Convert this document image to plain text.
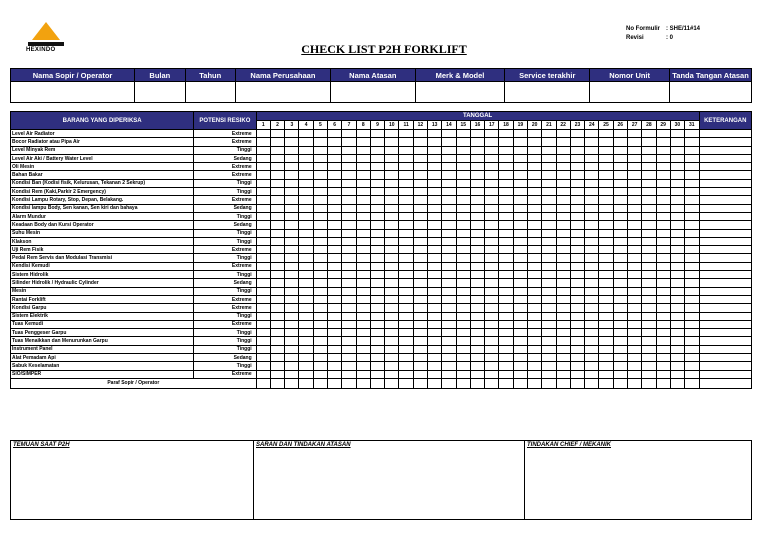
HEXINDO	CHECK LIST P2H FORKLIFT
No Formulir	: SHE/11#14
Revisi	: 0
Nama Sopir / Operator	Bulan	Tahun	Nama Perusahaan	Nama Atasan	Merk & Model	Service terakhir	Nomor Unit	Tanda Tangan Atasan

BARANG YANG DIPERIKSA	POTENSI RESIKO	TANGGAL																															KETERANGAN
		1	2	3	4	5	6	7	8	9	10	11	12	13	14	15	16	17	18	19	20	21	22	23	24	25	26	27	28	29	30	31	
Level Air Radiator	Extreme																																
Bocor Radiator atau Pipa Air	Extreme																																
Level Minyak Rem	Tinggi																																
Level Air Aki / Battery Water Level	Sedang																																
Oli Mesin	Extreme																																
Bahan Bakar	Extreme																																
Kondisi Ban (Kodisi fisik, Kelurusan, Tekanan 2 Sekrup)	Tinggi																																
Kondisi Rem (Kaki,Parkir 2 Emergency)	Tinggi																																
Kondisi Lampu Rotary, Stop, Depan, Belakang.	Extreme																																
Kondisi lampu Body, Sen kanan, Sen kiri dan bahaya	Sedang																																
Alarm Mundur	Tinggi																																
Keadaan Body dan Kursi Operator	Sedang																																
Suhu Mesin	Tinggi																																
Klakson	Tinggi																																
Uji Rem Fisik	Extreme																																
Pedal Rem Servis dan Modulasi Transmisi	Tinggi																																
Kendisi Kemudi	Extreme																																
Sistem Hidrolik	Tinggi																																
Silinder Hidrolik / Hydraulic Cylinder	Sedang																																
Mesin	Tinggi																																
Rantai Forklift	Extreme																																
Kondisi Garpu	Extreme																																
Sistem Elektrik	Tinggi																																
Tuas Kemudi	Extreme																																
Tuas Penggeser Garpu	Tinggi																																
Tuas Menaikkan dan Menurunkan Garpu	Tinggi																																
Instrument Panel	Tinggi																																
Alat Pemadam Api	Sedang																																
Sabuk Keselamatan	Tinggi																																
SIO/SIMPER	Extreme																																
Paraf Sopir / Operator																																	
TEMUAN SAAT P2H	SARAN DAN TINDAKAN ATASAN	TINDAKAN CHIEF / MEKANIK
